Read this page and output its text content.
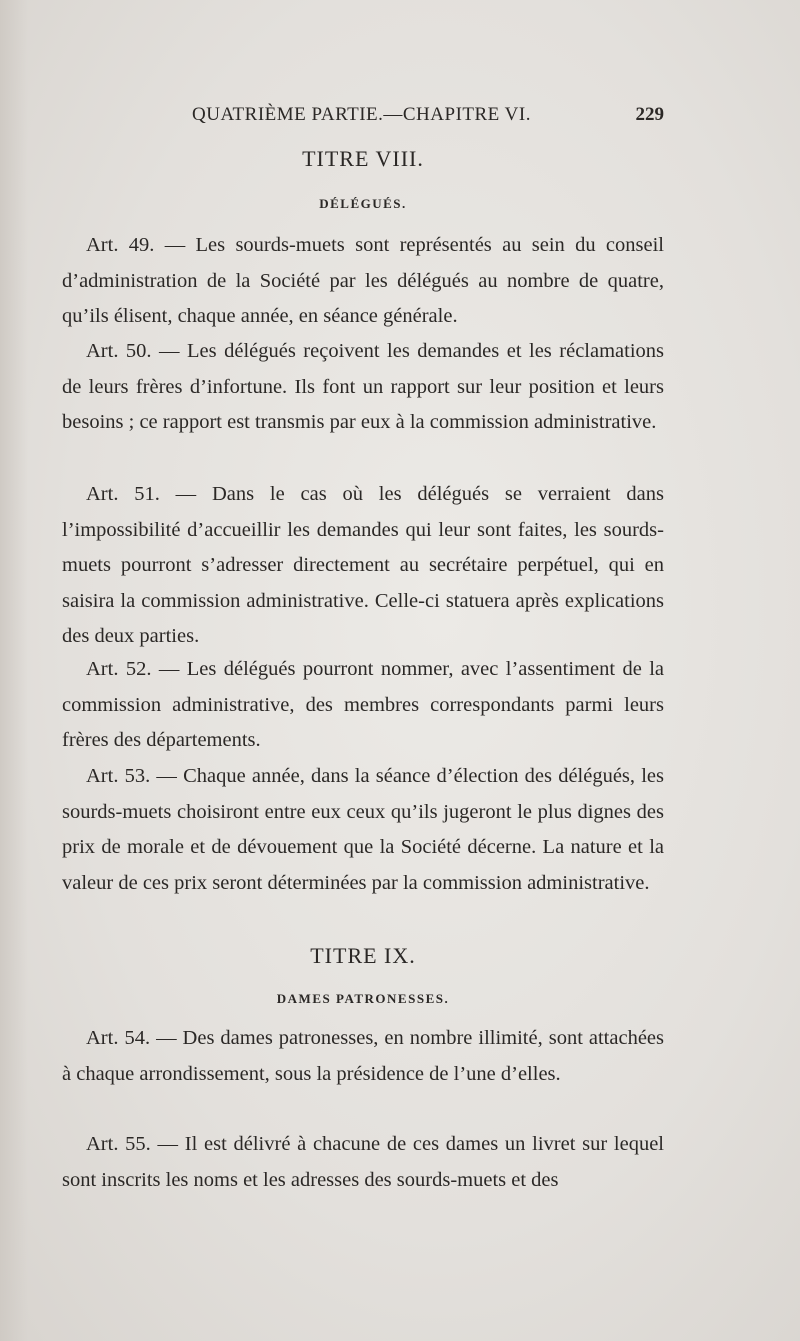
QUATRIÈME PARTIE.—CHAPITRE VI.	229
TITRE VIII.
DÉLÉGUÉS.

Art. 49. — Les sourds-muets sont représentés au sein du conseil d’administration de la Société par les délégués au nombre de quatre, qu’ils élisent, chaque année, en séance générale.

Art. 50. — Les délégués reçoivent les demandes et les réclamations de leurs frères d’infortune. Ils font un rapport sur leur position et leurs besoins ; ce rapport est transmis par eux à la commission administrative.

Art. 51. — Dans le cas où les délégués se verraient dans l’impossibilité d’accueillir les demandes qui leur sont faites, les sourds-muets pourront s’adresser directement au secrétaire perpétuel, qui en saisira la commission administrative. Celle-ci statuera après explications des deux parties.

Art. 52. — Les délégués pourront nommer, avec l’assentiment de la commission administrative, des membres correspondants parmi leurs frères des départements.

Art. 53. — Chaque année, dans la séance d’élection des délégués, les sourds-muets choisiront entre eux ceux qu’ils jugeront le plus dignes des prix de morale et de dévouement que la Société décerne. La nature et la valeur de ces prix seront déterminées par la commission administrative.

TITRE IX.
DAMES PATRONESSES.

Art. 54. — Des dames patronesses, en nombre illimité, sont attachées à chaque arrondissement, sous la présidence de l’une d’elles.

Art. 55. — Il est délivré à chacune de ces dames un livret sur lequel sont inscrits les noms et les adresses des sourds-muets et des
